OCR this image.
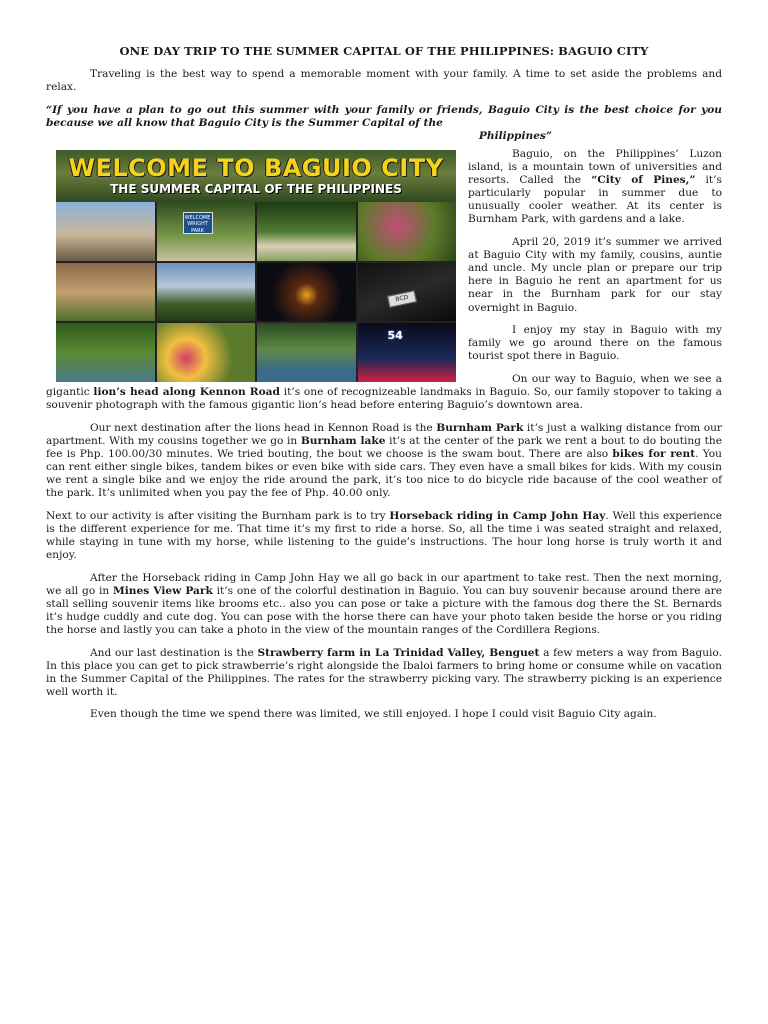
ONE DAY TRIP TO THE SUMMER CAPITAL OF THE PHILIPPINES: BAGUIO CITY

Traveling is the best way to spend a memorable moment with your family. A time to set aside the problems and relax.

“If you have a plan to go out this summer with your family or friends, Baguio City is the best choice for you because we all know that Baguio City is the Summer Capital of the
Philippines”

WELCOME TO BAGUIO CITY
THE SUMMER CAPITAL OF THE PHILIPPINES
WELCOME WRIGHT PARK
BCD
54

Baguio, on the Philippines’ Luzon island, is a mountain town of universities and resorts. Called the “City of Pines,” it’s particularly popular in summer due to unusually cooler weather. At its center is Burnham Park, with gardens and a lake.

April 20, 2019 it’s summer we arrived at Baguio City with my family, cousins, auntie and uncle. My uncle plan or prepare our trip here in Baguio he rent an apartment for us near in the Burnham park for our stay overnight in Baguio.

I enjoy my stay in Baguio with my family we go around there on the famous tourist spot there in Baguio.

On our way to Baguio, when we see a gigantic lion’s head along Kennon Road it’s one of recognizeable landmaks in Baguio. So, our family stopover to taking a souvenir photograph with the famous gigantic lion’s head before entering Baguio’s downtown area.

Our next destination after the lions head in Kennon Road is the Burnham Park it’s just a walking distance from our apartment. With my cousins together we go in Burnham lake it’s at the center of the park we rent a bout to do bouting the fee is Php. 100.00/30 minutes. We tried bouting, the bout we choose is the swam bout. There are also bikes for rent. You can rent either single bikes, tandem bikes or even bike with side cars. They even have a small bikes for kids. With my cousin we rent a single bike and we enjoy the ride around the park, it’s too nice to do bicycle ride bacause of the cool weather of the park. It’s unlimited when you pay the fee of Php. 40.00 only.

Next to our activity is after visiting the Burnham park is to try Horseback riding in Camp John Hay. Well this experience is the different experience for me. That time it’s my first to ride a horse. So, all the time i was seated straight and relaxed, while staying in tune with my horse, while listening to the guide’s instructions. The hour long horse is truly worth it and enjoy.

After the Horseback riding in Camp John Hay we all go back in our apartment to take rest. Then the next morning, we all go in Mines View Park it’s one of the colorful destination in Baguio. You can buy souvenir because around there are stall selling souvenir items like brooms etc.. also you can pose or take a picture with the famous dog there the St. Bernards it’s hudge cuddly and cute dog. You can pose with the horse there can have your photo taken beside the horse or you riding the horse and lastly you can take a photo in the view of the mountain ranges of the Cordillera Regions.

And our last destination is the Strawberry farm in La Trinidad Valley, Benguet a few meters a way from Baguio. In this place you can get to pick strawberrie’s right alongside the Ibaloi farmers to bring home or consume while on vacation in the Summer Capital of the Philippines. The rates for the strawberry picking vary. The strawberry picking is an experience well worth it.

Even though the time we spend there was limited, we still enjoyed. I hope I could visit Baguio City again.
